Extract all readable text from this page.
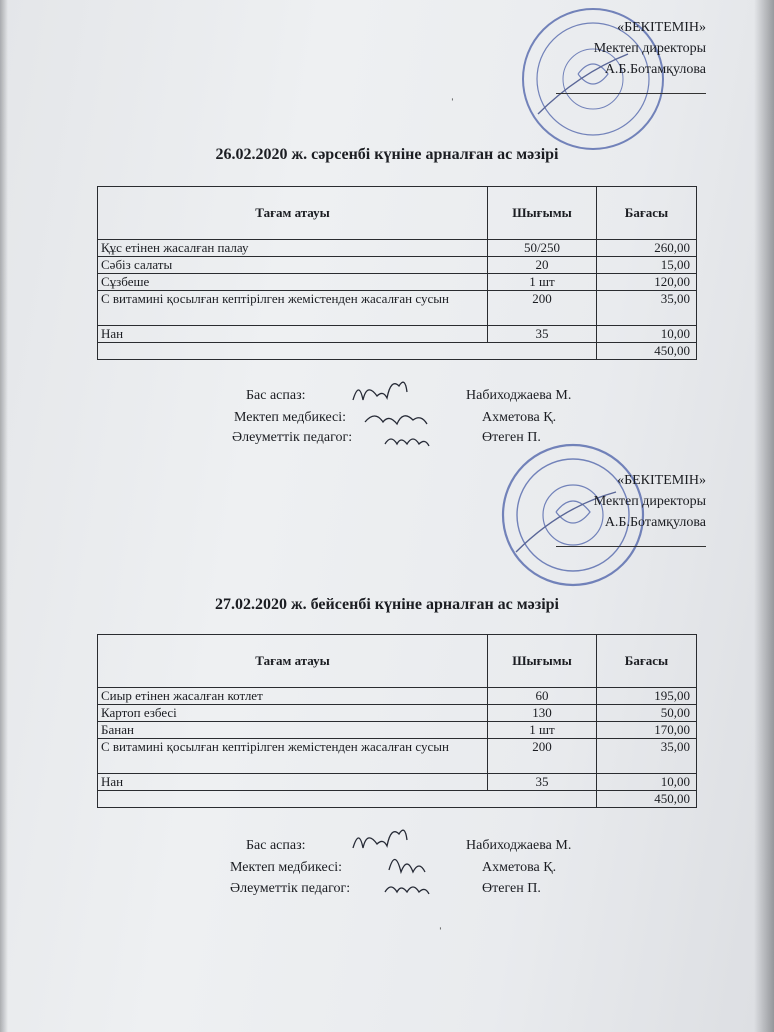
«БЕКІТЕМІН»
Мектеп директоры
А.Б.Ботамқулова
26.02.2020 ж. сәрсенбі күніне арналған ас мәзірі
Тағам атауы	Шығымы	Бағасы
Құс етінен жасалған палау	50/250	260,00
Сәбіз салаты	20	15,00
Сұзбеше	1 шт	120,00
С витамині қосылған кептірілген жемістенден жасалған сусын	200	35,00
Нан	35	10,00
		450,00
Бас аспаз:	Набиходжаева М.
Мектеп медбикесі:	Ахметова Қ.
Әлеуметтік педагог:	Өтеген П.
ˈ
«БЕКІТЕМІН»
Мектеп директоры
А.Б.Ботамқулова
27.02.2020 ж. бейсенбі күніне арналған ас мәзірі
Тағам атауы	Шығымы	Бағасы
Сиыр етінен жасалған котлет	60	195,00
Картоп езбесі	130	50,00
Банан	1 шт	170,00
С витамині қосылған кептірілген жемістенден жасалған сусын	200	35,00
Нан	35	10,00
		450,00
Бас аспаз:	Набиходжаева М.
Мектеп медбикесі:	Ахметова Қ.
Әлеуметтік педагог:	Өтеген П.
ˈ
